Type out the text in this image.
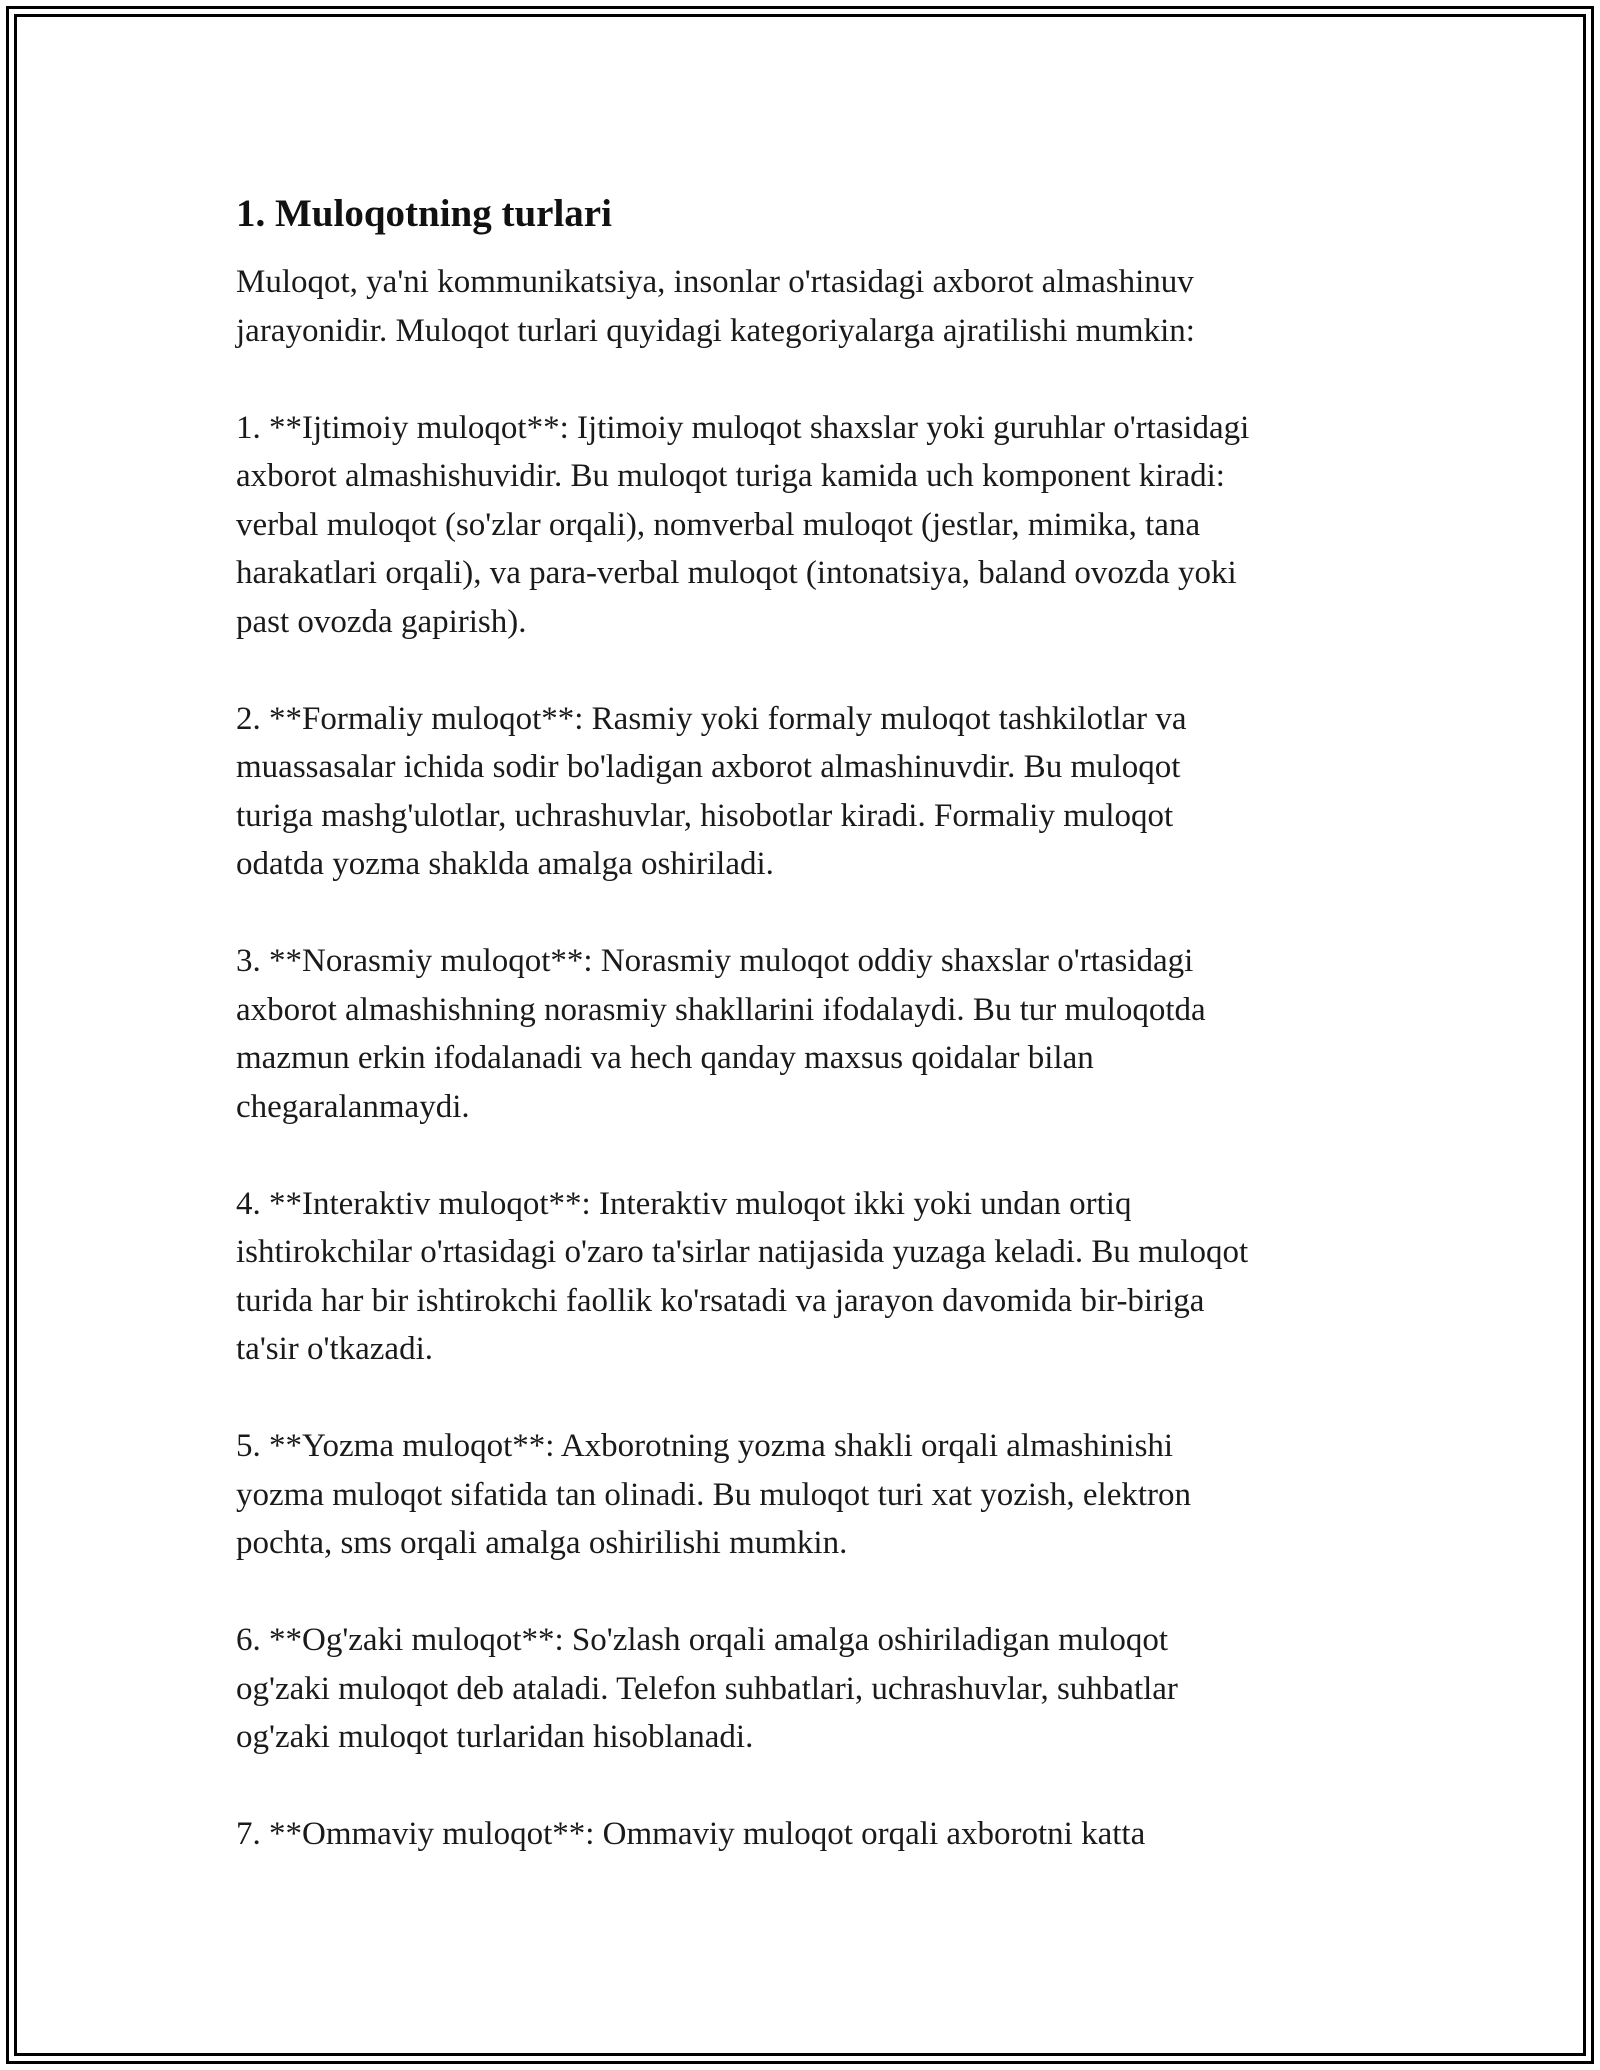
1. Muloqotning turlari
Muloqot, ya'ni kommunikatsiya, insonlar o'rtasidagi axborot almashinuv
jarayonidir. Muloqot turlari quyidagi kategoriyalarga ajratilishi mumkin:
1. **Ijtimoiy muloqot**: Ijtimoiy muloqot shaxslar yoki guruhlar o'rtasidagi
axborot almashishuvidir. Bu muloqot turiga kamida uch komponent kiradi:
verbal muloqot (so'zlar orqali), nomverbal muloqot (jestlar, mimika, tana
harakatlari orqali), va para-verbal muloqot (intonatsiya, baland ovozda yoki
past ovozda gapirish).
2. **Formaliy muloqot**: Rasmiy yoki formaly muloqot tashkilotlar va
muassasalar ichida sodir bo'ladigan axborot almashinuvdir. Bu muloqot
turiga mashg'ulotlar, uchrashuvlar, hisobotlar kiradi. Formaliy muloqot
odatda yozma shaklda amalga oshiriladi.
3. **Norasmiy muloqot**: Norasmiy muloqot oddiy shaxslar o'rtasidagi
axborot almashishning norasmiy shakllarini ifodalaydi. Bu tur muloqotda
mazmun erkin ifodalanadi va hech qanday maxsus qoidalar bilan
chegaralanmaydi.
4. **Interaktiv muloqot**: Interaktiv muloqot ikki yoki undan ortiq
ishtirokchilar o'rtasidagi o'zaro ta'sirlar natijasida yuzaga keladi. Bu muloqot
turida har bir ishtirokchi faollik ko'rsatadi va jarayon davomida bir-biriga
ta'sir o'tkazadi.
5. **Yozma muloqot**: Axborotning yozma shakli orqali almashinishi
yozma muloqot sifatida tan olinadi. Bu muloqot turi xat yozish, elektron
pochta, sms orqali amalga oshirilishi mumkin.
6. **Og'zaki muloqot**: So'zlash orqali amalga oshiriladigan muloqot
og'zaki muloqot deb ataladi. Telefon suhbatlari, uchrashuvlar, suhbatlar
og'zaki muloqot turlaridan hisoblanadi.
7. **Ommaviy muloqot**: Ommaviy muloqot orqali axborotni katta
